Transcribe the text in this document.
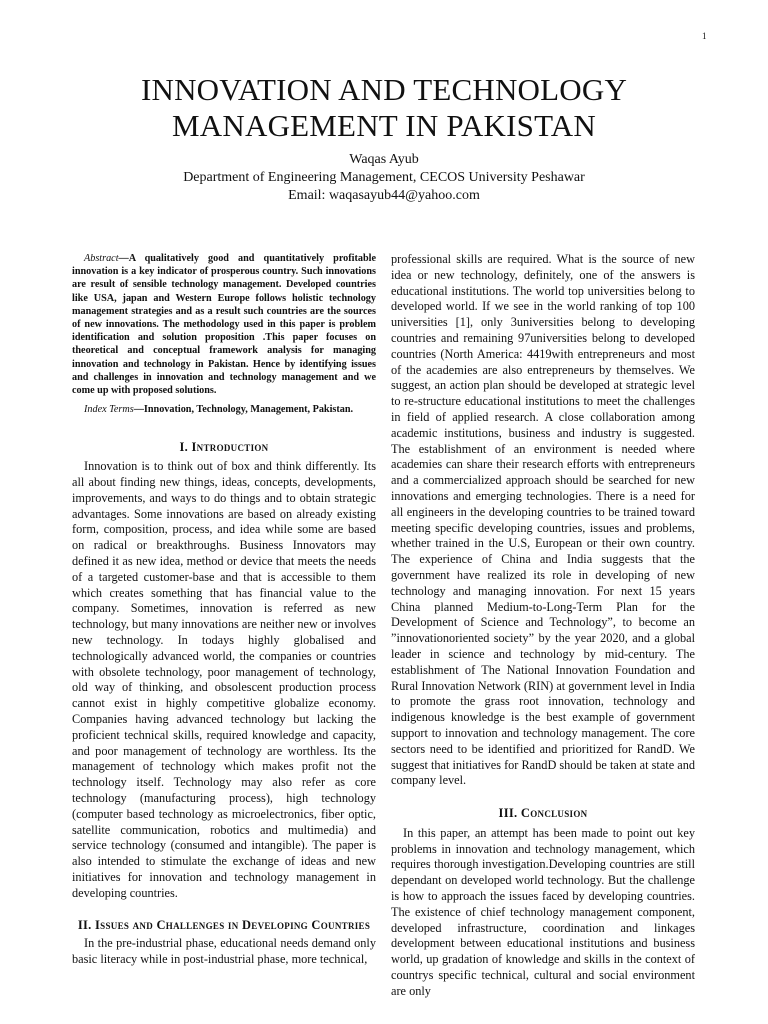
1
INNOVATION AND TECHNOLOGY
MANAGEMENT IN PAKISTAN
Waqas Ayub
Department of Engineering Management, CECOS University Peshawar
Email: waqasayub44@yahoo.com

Abstract—A qualitatively good and quantitatively profitable innovation is a key indicator of prosperous country. Such innovations are result of sensible technology management. Developed countries like USA, japan and Western Europe follows holistic technology management strategies and as a result such countries are the sources of new innovations. The methodology used in this paper is problem identification and solution proposition .This paper focuses on theoretical and conceptual framework analysis for managing innovation and technology in Pakistan. Hence by identifying issues and challenges in innovation and technology management and we come up with proposed solutions.

Index Terms—Innovation, Technology, Management, Pakistan.

I. Introduction

Innovation is to think out of box and think differently. Its all about finding new things, ideas, concepts, developments, improvements, and ways to do things and to obtain strategic advantages. Some innovations are based on already existing form, composition, process, and idea while some are based on radical or breakthroughs. Business Innovators may defined it as new idea, method or device that meets the needs of a targeted customer-base and that is accessible to them which creates something that has financial value to the company. Sometimes, innovation is referred as new technology, but many innovations are neither new or involves new technology. In todays highly globalised and technologically advanced world, the companies or countries with obsolete technology, poor management of technology, old way of thinking, and obsolescent production process cannot exist in highly competitive globalize economy. Companies having advanced technology but lacking the proficient technical skills, required knowledge and capacity, and poor management of technology are worthless. Its the management of technology which makes profit not the technology itself. Technology may also refer as core technology (manufacturing process), high technology (computer based technology as microelectronics, fiber optic, satellite communication, robotics and multimedia) and service technology (consumed and intangible). The paper is also intended to stimulate the exchange of ideas and new initiatives for innovation and technology management in developing countries.

II. Issues and Challenges in Developing Countries

In the pre-industrial phase, educational needs demand only basic literacy while in post-industrial phase, more technical,

professional skills are required. What is the source of new idea or new technology, definitely, one of the answers is educational institutions. The world top universities belong to developed world. If we see in the world ranking of top 100 universities [1], only 3universities belong to developing countries and remaining 97universities belong to developed countries (North America: 4419with entrepreneurs and most of the academies are also entrepreneurs by themselves. We suggest, an action plan should be developed at strategic level to re-structure educational institutions to meet the challenges in field of applied research. A close collaboration among academic institutions, business and industry is suggested. The establishment of an environment is needed where academies can share their research efforts with entrepreneurs and a commercialized approach should be searched for new innovations and emerging technologies. There is a need for all engineers in the developing countries to be trained toward meeting specific developing countries, issues and problems, whether trained in the U.S, European or their own country. The experience of China and India suggests that the government have realized its role in developing of new technology and managing innovation. For next 15 years China planned Medium-to-Long-Term Plan for the Development of Science and Technology”, to become an ”innovationoriented society” by the year 2020, and a global leader in science and technology by mid-century. The establishment of The National Innovation Foundation and Rural Innovation Network (RIN) at government level in India to promote the grass root innovation, technology and indigenous knowledge is the best example of government support to innovation and technology management. The core sectors need to be identified and prioritized for RandD. We suggest that initiatives for RandD should be taken at state and company level.

III. Conclusion

In this paper, an attempt has been made to point out key problems in innovation and technology management, which requires thorough investigation.Developing countries are still dependant on developed world technology. But the challenge is how to approach the issues faced by developing countries. The existence of chief technology management component, developed infrastructure, coordination and linkages development between educational institutions and business world, up gradation of knowledge and skills in the context of countrys specific technical, cultural and social environment are only
